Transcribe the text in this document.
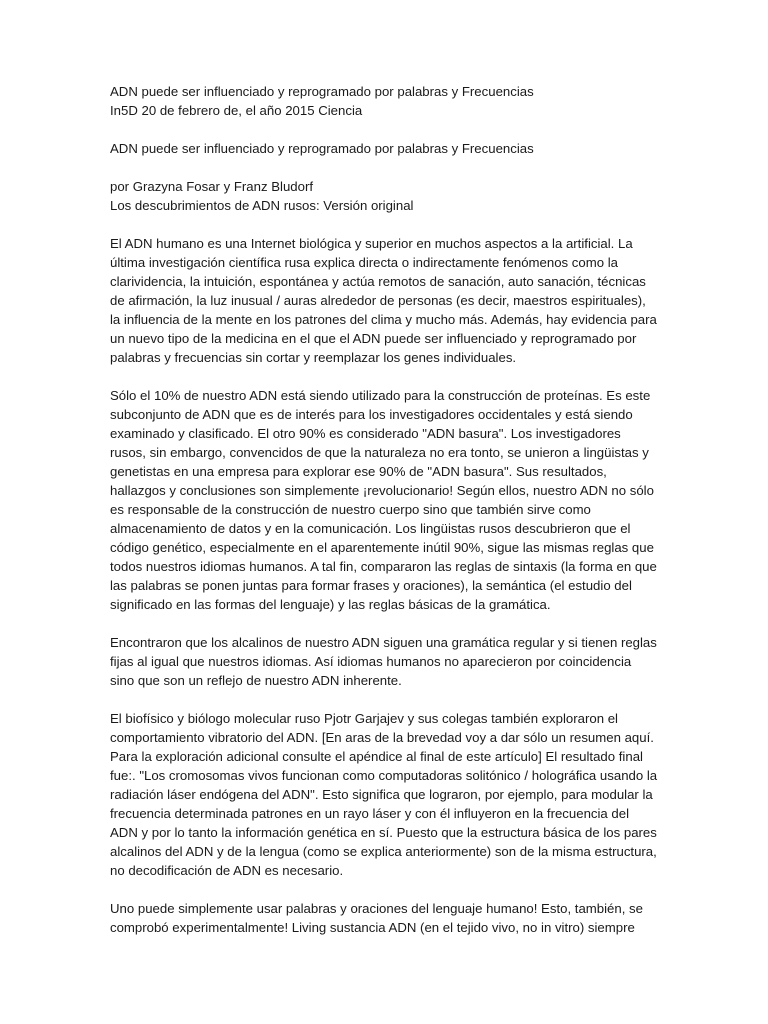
ADN puede ser influenciado y reprogramado por palabras y Frecuencias
In5D 20 de febrero de, el año 2015 Ciencia
ADN puede ser influenciado y reprogramado por palabras y Frecuencias
por Grazyna Fosar y Franz Bludorf
Los descubrimientos de ADN rusos: Versión original

El ADN humano es una Internet biológica y superior en muchos aspectos a la artificial. La última investigación científica rusa explica directa o indirectamente fenómenos como la clarividencia, la intuición, espontánea y actúa remotos de sanación, auto sanación, técnicas de afirmación, la luz inusual / auras alrededor de personas (es decir, maestros espirituales), la influencia de la mente en los patrones del clima y mucho más. Además, hay evidencia para un nuevo tipo de la medicina en el que el ADN puede ser influenciado y reprogramado por palabras y frecuencias sin cortar y reemplazar los genes individuales.

Sólo el 10% de nuestro ADN está siendo utilizado para la construcción de proteínas. Es este subconjunto de ADN que es de interés para los investigadores occidentales y está siendo examinado y clasificado. El otro 90% es considerado "ADN basura". Los investigadores rusos, sin embargo, convencidos de que la naturaleza no era tonto, se unieron a lingüistas y genetistas en una empresa para explorar ese 90% de "ADN basura". Sus resultados, hallazgos y conclusiones son simplemente ¡revolucionario! Según ellos, nuestro ADN no sólo es responsable de la construcción de nuestro cuerpo sino que también sirve como almacenamiento de datos y en la comunicación. Los lingüistas rusos descubrieron que el código genético, especialmente en el aparentemente inútil 90%, sigue las mismas reglas que todos nuestros idiomas humanos. A tal fin, compararon las reglas de sintaxis (la forma en que las palabras se ponen juntas para formar frases y oraciones), la semántica (el estudio del significado en las formas del lenguaje) y las reglas básicas de la gramática.

Encontraron que los alcalinos de nuestro ADN siguen una gramática regular y si tienen reglas fijas al igual que nuestros idiomas. Así idiomas humanos no aparecieron por coincidencia sino que son un reflejo de nuestro ADN inherente.

El biofísico y biólogo molecular ruso Pjotr Garjajev y sus colegas también exploraron el comportamiento vibratorio del ADN. [En aras de la brevedad voy a dar sólo un resumen aquí. Para la exploración adicional consulte el apéndice al final de este artículo] El resultado final fue:. "Los cromosomas vivos funcionan como computadoras solitónico / holográfica usando la radiación láser endógena del ADN". Esto significa que lograron, por ejemplo, para modular la frecuencia determinada patrones en un rayo láser y con él influyeron en la frecuencia del ADN y por lo tanto la información genética en sí. Puesto que la estructura básica de los pares alcalinos del ADN y de la lengua (como se explica anteriormente) son de la misma estructura, no decodificación de ADN es necesario.

Uno puede simplemente usar palabras y oraciones del lenguaje humano! Esto, también, se comprobó experimentalmente! Living sustancia ADN (en el tejido vivo, no in vitro) siempre
